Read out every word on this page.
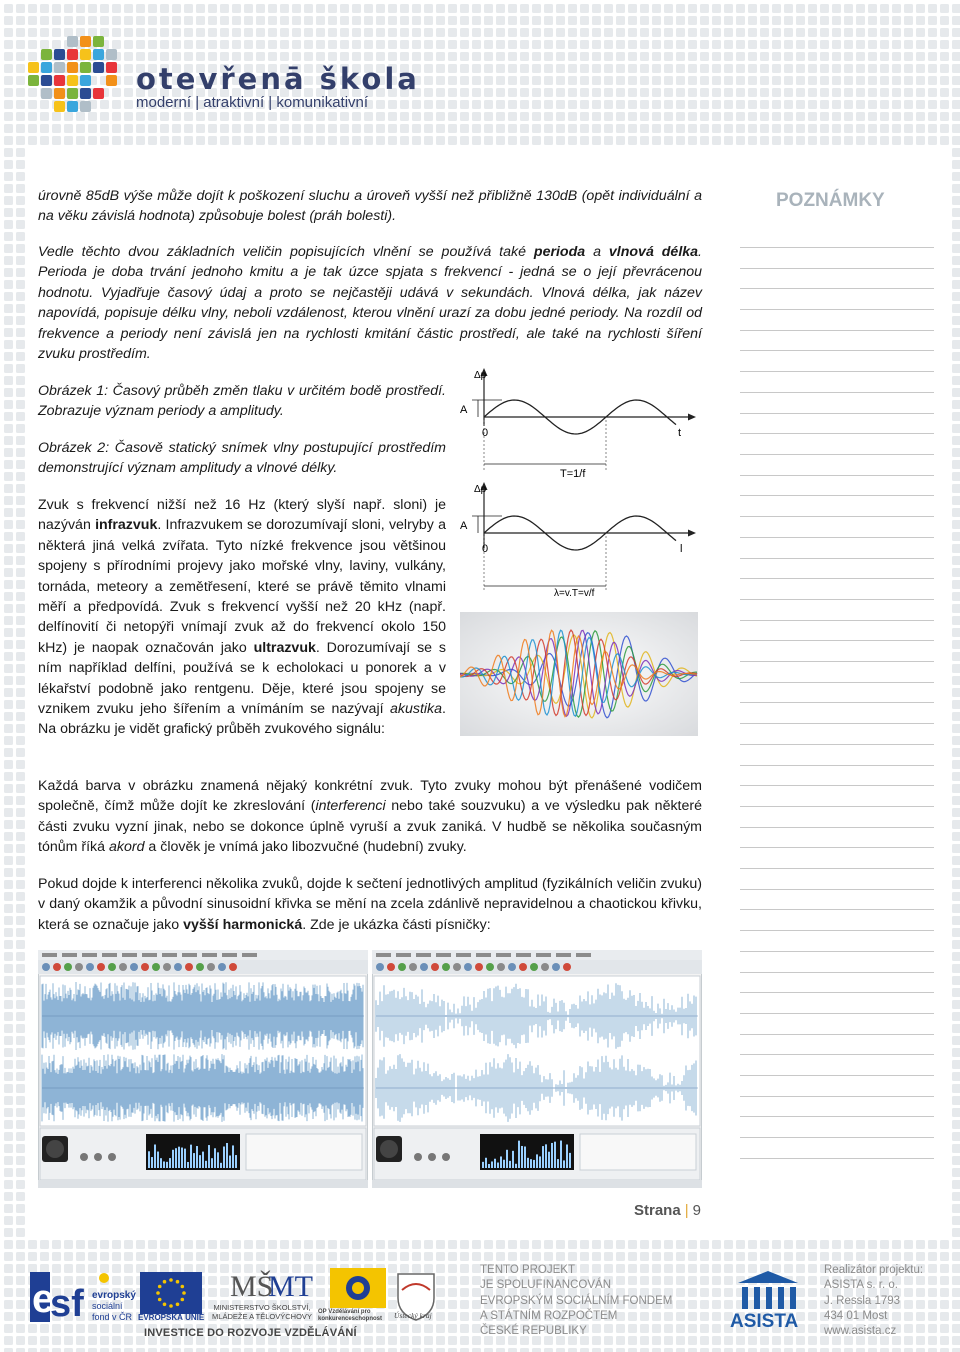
otevřenā škola
moderní | atraktivní | komunikativní
POZNÁMKY
úrovně 85dB výše může dojít k poškození sluchu a úroveň vyšší než přibližně 130dB (opět individuální a na věku závislá hodnota) způsobuje bolest (práh bolesti).
Vedle těchto dvou základních veličin popisujících vlnění se používá také perioda a vlnová délka. Perioda je doba trvání jednoho kmitu a je tak úzce spjata s frekvencí - jedná se o její převrácenou hodnotu. Vyjadřuje časový údaj a proto se nejčastěji udává v sekundách. Vlnová délka, jak název napovídá, popisuje délku vlny, neboli vzdálenost, kterou vlnění urazí za dobu jedné periody. Na rozdíl od frekvence a periody není závislá jen na rychlosti kmitání částic prostředí, ale také na rychlosti šíření zvuku prostředím.
Obrázek 1: Časový průběh změn tlaku v určitém bodě prostředí. Zobrazuje význam periody a amplitudy.
Obrázek 2: Časově statický snímek vlny postupující prostředím demonstrující význam amplitudy a vlnové délky.
Zvuk s frekvencí nižší než 16 Hz (který slyší např. sloni) je nazýván infrazvuk. Infrazvukem se dorozumívají sloni, velryby a některá jiná velká zvířata. Tyto nízké frekvence jsou většinou spojeny s přírodními projevy jako mořské vlny, laviny, vulkány, tornáda, meteory a zemětřesení, které se právě těmito vlnami měří a předpovídá. Zvuk s frekvencí vyšší než 20 kHz (např. delfínovití či netopýři vnímají zvuk až do frekvencí okolo 150 kHz) je naopak označován jako ultrazvuk. Dorozumívají se s ním například delfíni, používá se k echolokaci u ponorek a v lékařství podobně jako rentgenu. Děje, které jsou spojeny se vznikem zvuku jeho šířením a vnímáním se nazývají akustika. Na obrázku je vidět grafický průběh zvukového signálu:
Δp
A
0	t
T=1/f
Δp
A
0	l
λ=v.T=v/f
Každá barva v obrázku znamená nějaký konkrétní zvuk. Tyto zvuky mohou být přenášené vodičem společně, čímž může dojít ke zkreslování (interferenci nebo také souzvuku) a ve výsledku pak některé části zvuku vyzní jinak, nebo se dokonce úplně vyruší a zvuk zaniká. V hudbě se několika současným tónům říká akord a člověk je vnímá jako libozvučné (hudební) zvuky.
Pokud dojde k interferenci několika zvuků, dojde k sečtení jednotlivých amplitud (fyzikálních veličin zvuku) v daný okamžik a původní sinusoidní křivka se mění na zcela zdánlivě nepravidelnou a chaotickou křivku, která se označuje jako vyšší harmonická. Zde je ukázka části písničky:
Strana | 9
e
sf evropský
sociální
fond v ČR EVROPSKÁ UNIE
MŠ
MT
MINISTERSTVO ŠKOLSTVÍ, MLÁDEŽE A TĚLOVÝCHOVY	OP Vzdělávání pro konkurenceschopnost	Ústecký kraj
INVESTICE DO ROZVOJE VZDĚLÁVÁNÍ
TENTO PROJEKT
JE SPOLUFINANCOVÁN
EVROPSKÝM SOCIÁLNÍM FONDEM
A STÁTNÍM ROZPOČTEM
ČESKÉ REPUBLIKY	ASISTA
Realizátor projektu:
ASISTA s. r. o.
J. Ressla 1793
434 01 Most
www.asista.cz
